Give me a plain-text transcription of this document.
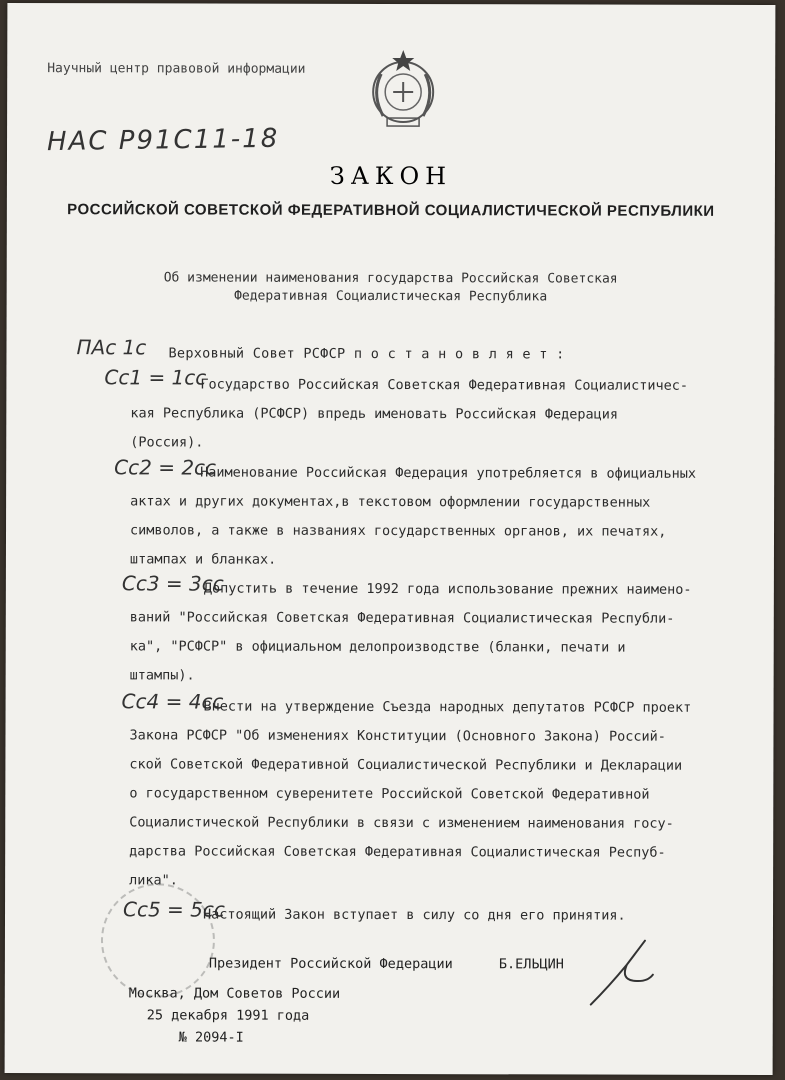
Научный центр правовой информации
НАС Р91С11-18
ЗАКОН
РОССИЙСКОЙ СОВЕТСКОЙ ФЕДЕРАТИВНОЙ СОЦИАЛИСТИЧЕСКОЙ РЕСПУБЛИКИ
Об изменении наименования государства Российская Советская
Федеративная Социалистическая Республика
ПАс 1с Верховный Совет РСФСР п о с т а н о в л я е т :
Сс1 = 1сс
Государство Российская Советская Федеративная Социалистичес-
кая Республика (РСФСР) впредь именовать Российская Федерация
(Россия).
Сс2 = 2сс
Наименование Российская Федерация употребляется в официальных
актах и других документах,в текстовом оформлении государственных
символов, а также в названиях государственных органов, их печатях,
штампах и бланках.
Сс3 = 3сс
Допустить в течение 1992 года использование прежних наимено-
ваний "Российская Советская Федеративная Социалистическая Республи-
ка", "РСФСР" в официальном делопроизводстве (бланки, печати и
штампы).
Сс4 = 4сс
Внести на утверждение Съезда народных депутатов РСФСР проект
Закона РСФСР "Об изменениях Конституции (Основного Закона) Россий-
ской Советской Федеративной Социалистической Республики и Декларации
о государственном суверенитете Российской Советской Федеративной
Социалистической Республики в связи с изменением наименования госу-
дарства Российская Советская Федеративная Социалистическая Респуб-
лика".
Сс5 = 5сс
Настоящий Закон вступает в силу со дня его принятия.
Президент Российской Федерации	Б.ЕЛЬЦИН
Москва, Дом Советов России
25 декабря 1991 года
№ 2094-I
